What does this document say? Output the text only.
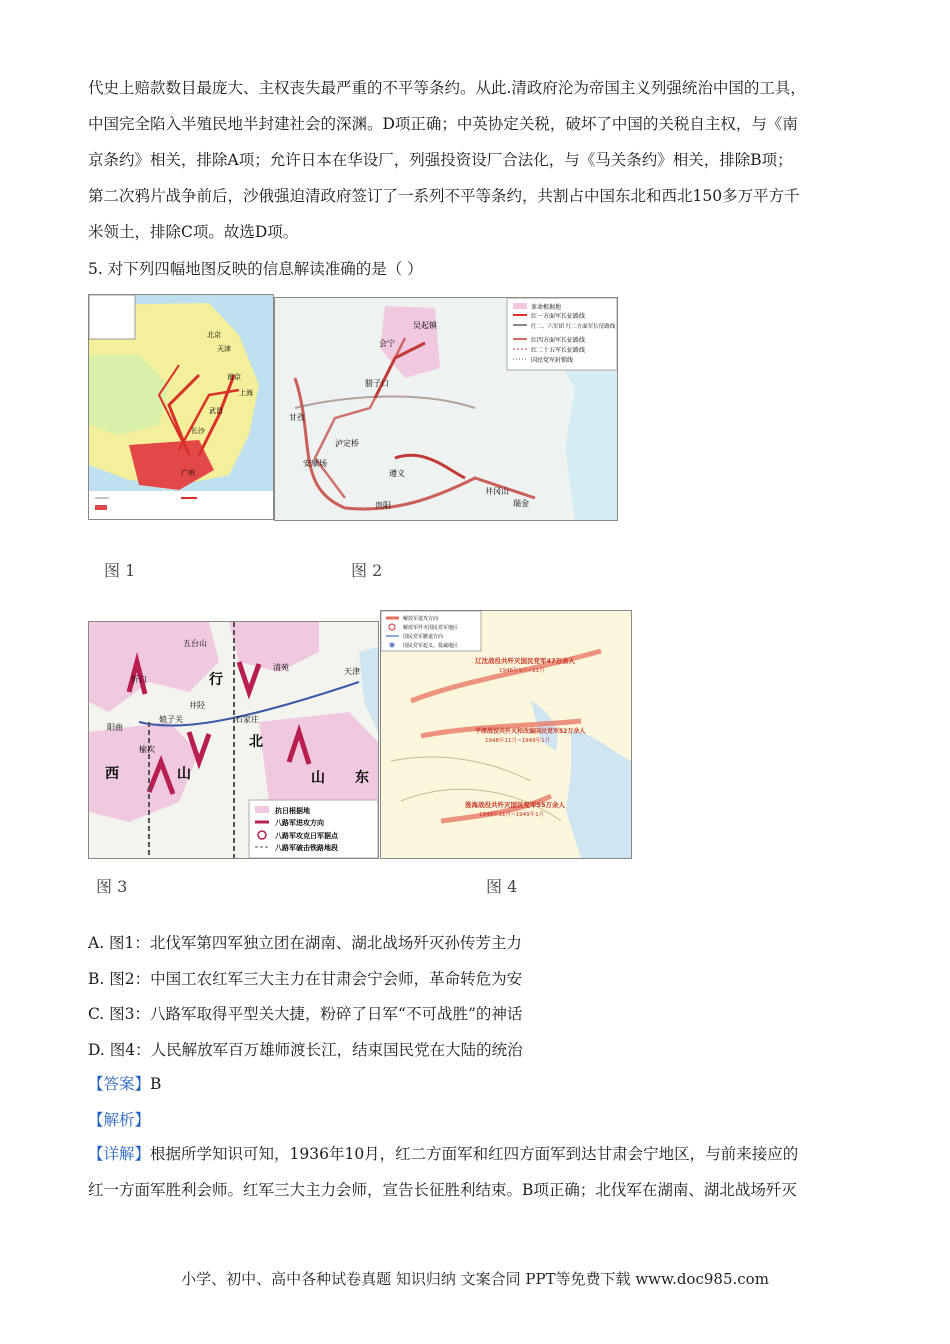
代史上赔款数目最庞大、主权丧失最严重的不平等条约。从此.清政府沦为帝国主义列强统治中国的工具，
中国完全陷入半殖民地半封建社会的深渊。D项正确；中英协定关税，破坏了中国的关税自主权，与《南
京条约》相关，排除A项；允许日本在华设厂，列强投资设厂合法化，与《马关条约》相关，排除B项；
第二次鸦片战争前后，沙俄强迫清政府签订了一系列不平等条约，共割占中国东北和西北150多万平方千
米领土，排除C项。故选D项。
5. 对下列四幅地图反映的信息解读准确的是（ ）
北京
天津
上海
武昌
长沙
广州
南京
革命根据地
红一方面军长征路线
红二、六军团 红二方面军长征路线
红四方面军长征路线
红二十五军长征路线
国民党军封锁线
吴起镇
会宁
腊子口
甘孜
泸定桥
安顺场
遵义
贵阳
井冈山
瑞金
图 1	图 2
抗日根据地
八路军进攻方向
八路军攻克日军据点
八路军破击铁路地段
五台山
忻口
阳曲
榆次
娘子关
井陉
石家庄
清苑	天津
行
西	山
北
山 东
解放军进攻方向
解放军歼灭国民党军地区
国民党军撤退方向
国民党军起义、投诚地区
辽沈战役共歼灭国民党军47万余人
1948年9月~11月
平津战役共歼灭和改编国民党军52万余人
1948年11月~1949年1月
淮海战役共歼灭国民党军55万余人
1948年11月~1949年1月
图 3	图 4
A. 图1：北伐军第四军独立团在湖南、湖北战场歼灭孙传芳主力
B. 图2：中国工农红军三大主力在甘肃会宁会师，革命转危为安
C. 图3：八路军取得平型关大捷，粉碎了日军“不可战胜”的神话
D. 图4：人民解放军百万雄师渡长江，结束国民党在大陆的统治
【答案】B
【解析】
【详解】根据所学知识可知，1936年10月，红二方面军和红四方面军到达甘肃会宁地区，与前来接应的
红一方面军胜利会师。红军三大主力会师，宣告长征胜利结束。B项正确；北伐军在湖南、湖北战场歼灭
小学、初中、高中各种试卷真题 知识归纳 文案合同 PPT等免费下载 www.doc985.com
